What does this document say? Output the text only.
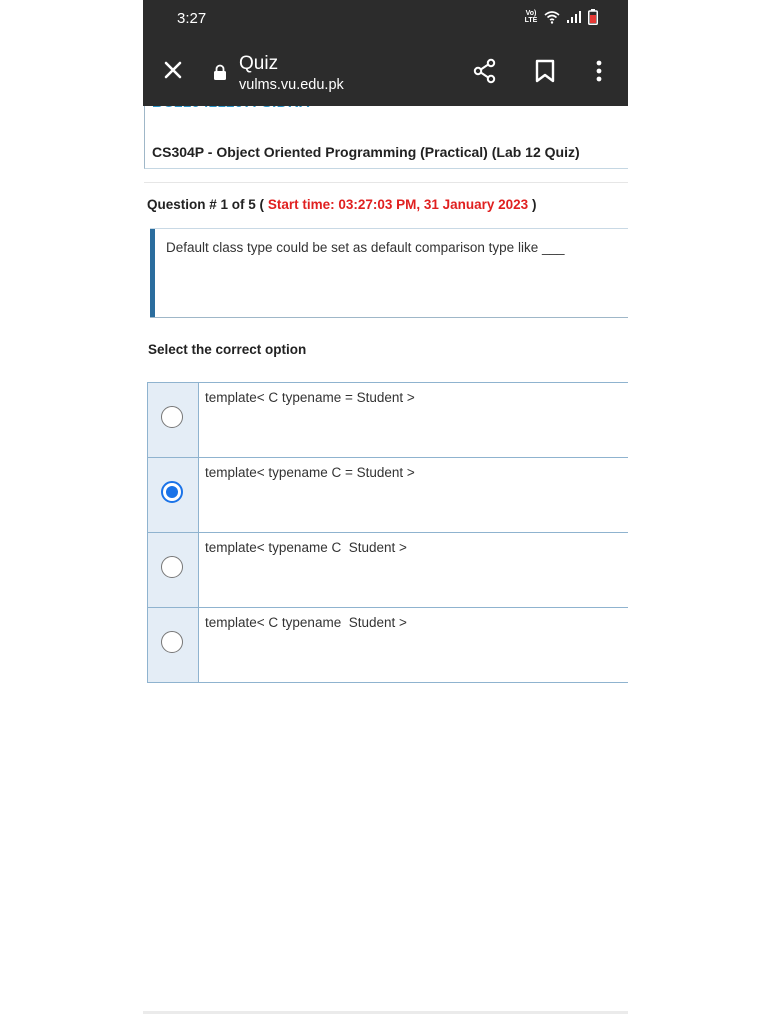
3:27	Vo) LTE
Quiz
vulms.vu.edu.pk
CS304P - Object Oriented Programming (Practical) (Lab 12 Quiz)
Question # 1 of 5 ( Start time: 03:27:03 PM, 31 January 2023 )
Default class type could be set as default comparison type like ___
Select the correct option
template< C typename = Student >
template< typename C = Student >
template< typename C  Student >
template< C typename  Student >
